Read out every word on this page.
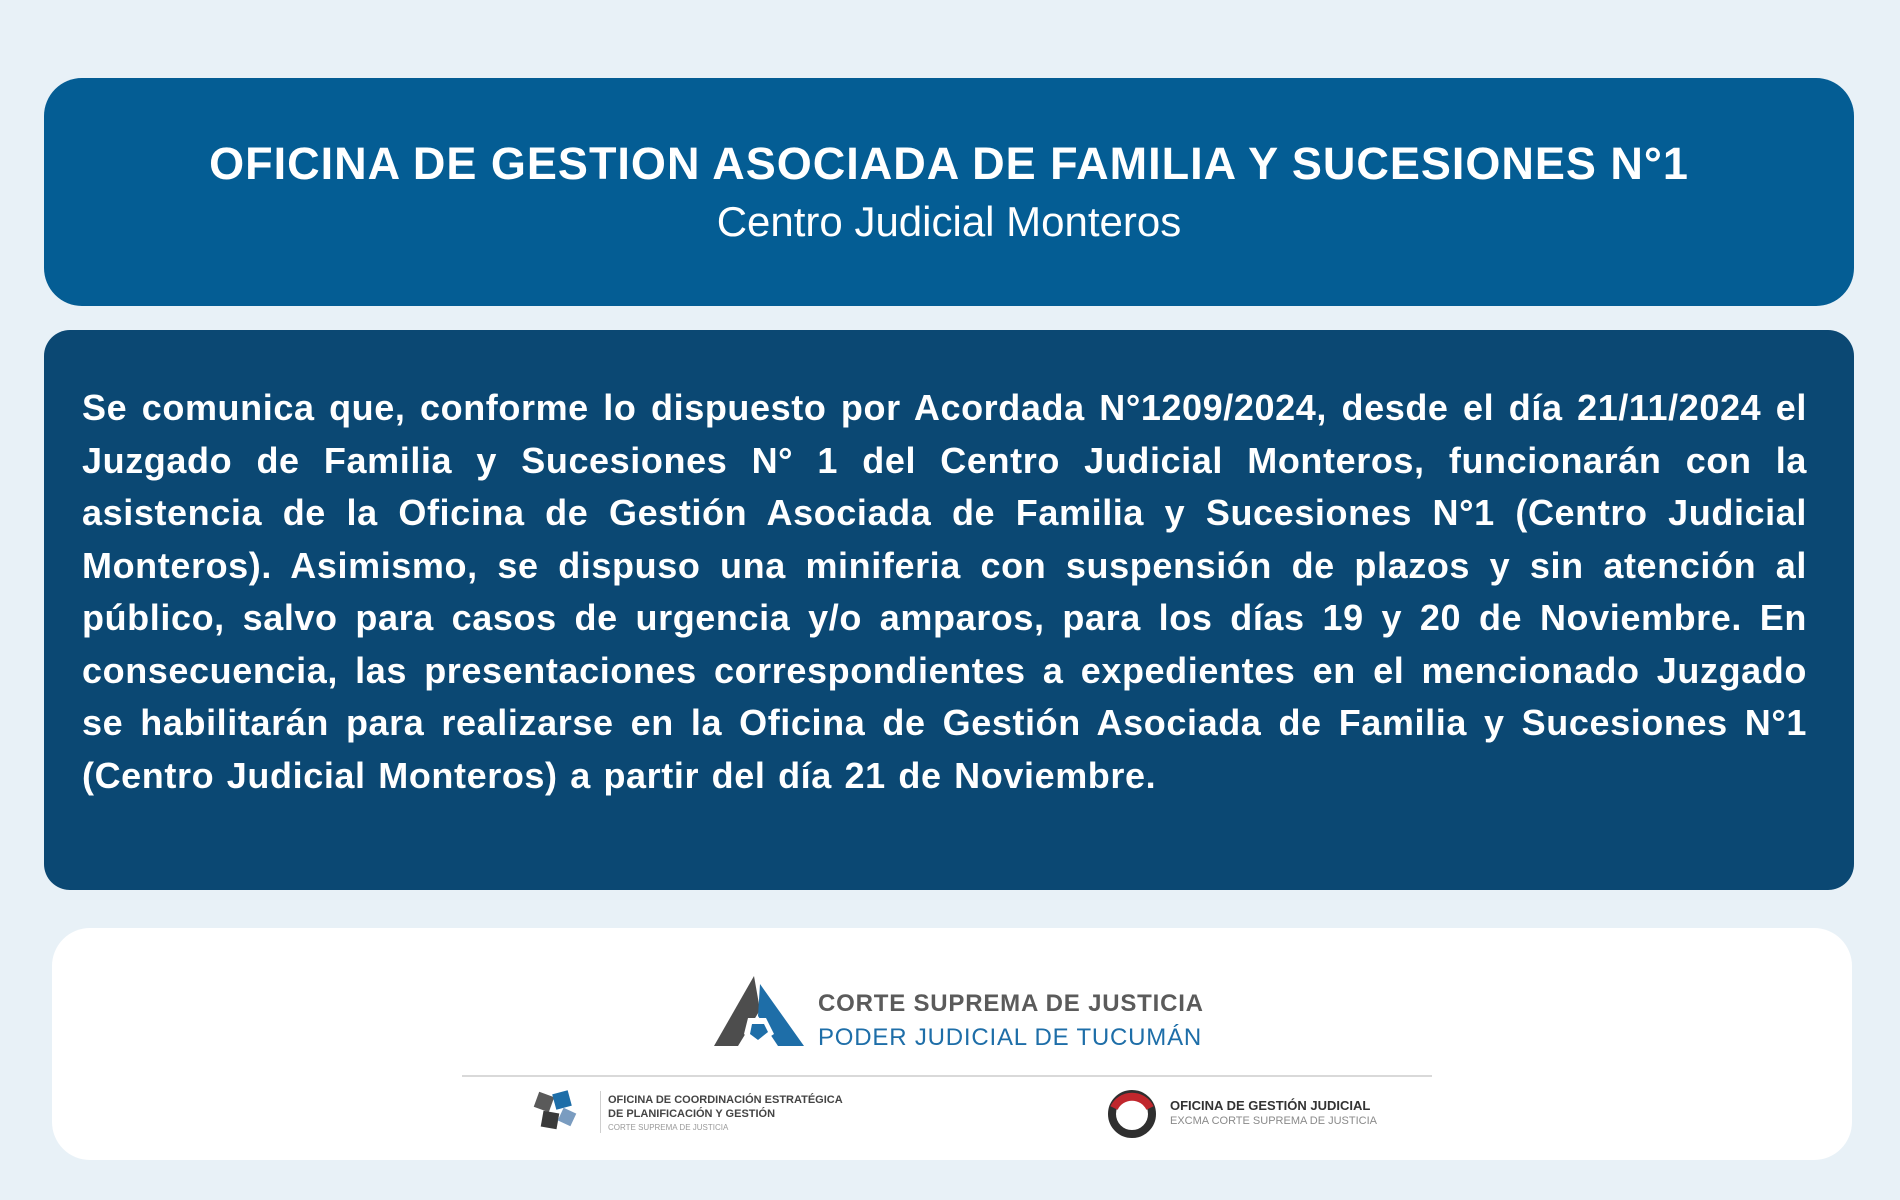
OFICINA DE GESTION ASOCIADA DE FAMILIA Y SUCESIONES N°1
Centro Judicial Monteros

Se comunica que, conforme lo dispuesto por Acordada N°1209/2024, desde el día 21/11/2024 el Juzgado de Familia y Sucesiones N° 1 del Centro Judicial Monteros, funcionarán con la asistencia de la Oficina de Gestión Asociada de Familia y Sucesiones N°1 (Centro Judicial Monteros). Asimismo, se dispuso una miniferia con suspensión de plazos y sin atención al público, salvo para casos de urgencia y/o amparos, para los días 19 y 20 de Noviembre. En consecuencia, las presentaciones correspondientes a expedientes en el mencionado Juzgado se habilitarán para realizarse en la Oficina de Gestión Asociada de Familia y Sucesiones N°1 (Centro Judicial Monteros) a partir del día 21 de Noviembre.

CORTE SUPREMA DE JUSTICIA
PODER JUDICIAL DE TUCUMÁN
OFICINA DE COORDINACIÓN ESTRATÉGICA
DE PLANIFICACIÓN Y GESTIÓN
CORTE SUPREMA DE JUSTICIA
OFICINA DE GESTIÓN JUDICIAL
EXCMA CORTE SUPREMA DE JUSTICIA
